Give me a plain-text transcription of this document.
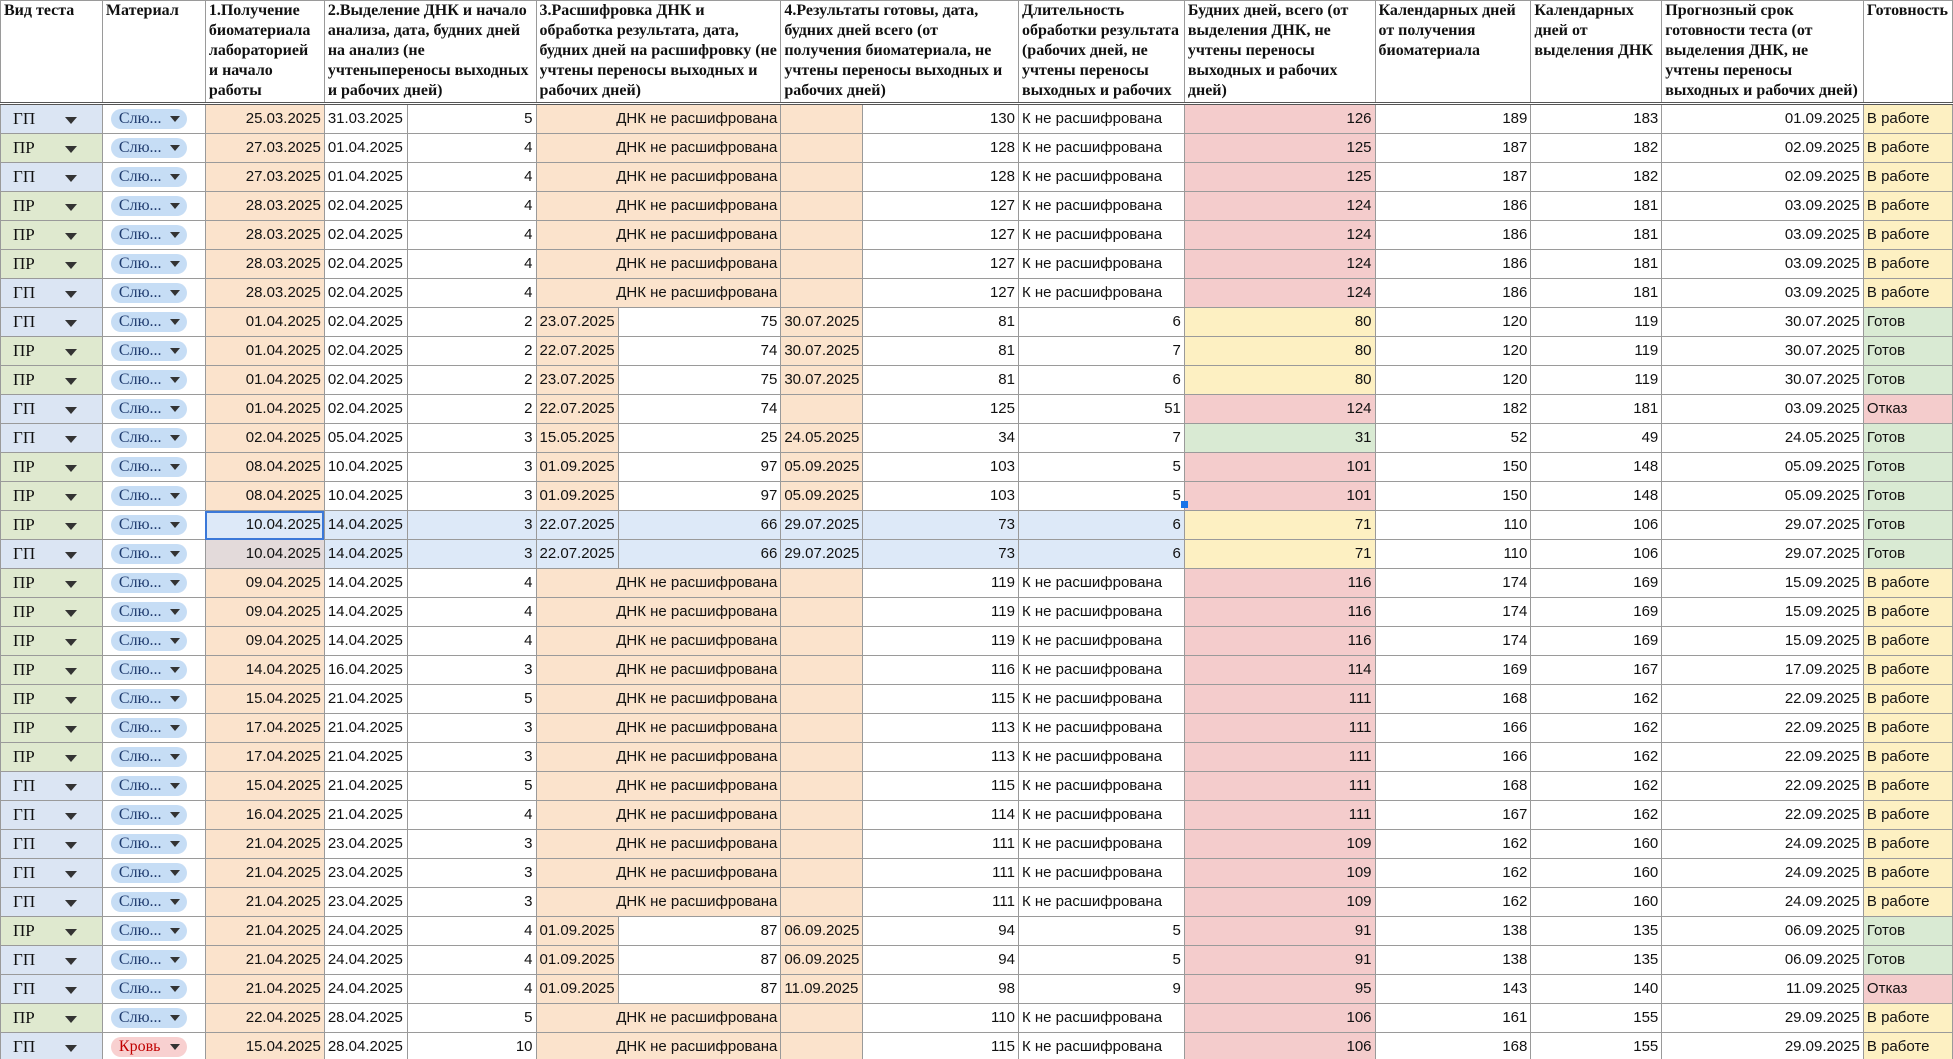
Вид теста	Материал	1.Получение биоматериала лабораторией и начало работы	2.Выделение ДНК и начало анализа, дата, будних дней на анализ (не учтеныпереносы выходных и рабочих дней)		3.Расшифровка ДНК и обработка результата, дата, будних дней на расшифровку (не учтены переносы выходных и рабочих дней)		4.Результаты готовы, дата, будних дней всего (от получения биоматериала, не учтены переносы выходных и рабочих дней)		Длительность обработки результата (рабочих дней, не учтены переносы выходных и рабочих	Будних дней, всего (от выделения ДНК, не учтены переносы выходных и рабочих дней)	Календарных дней от получения биоматериала	Календарных дней от выделения ДНК	Прогнозный срок готовности теста (от выделения ДНК, не учтены переносы выходных и рабочих дней)	Готовность

ГП	Слю...	25.03.2025	31.03.2025	5	ДНК не расшифрована			130	К не расшифрована	126	189	183	01.09.2025	В работе
ПР	Слю...	27.03.2025	01.04.2025	4	ДНК не расшифрована			128	К не расшифрована	125	187	182	02.09.2025	В работе
ГП	Слю...	27.03.2025	01.04.2025	4	ДНК не расшифрована			128	К не расшифрована	125	187	182	02.09.2025	В работе
ПР	Слю...	28.03.2025	02.04.2025	4	ДНК не расшифрована			127	К не расшифрована	124	186	181	03.09.2025	В работе
ПР	Слю...	28.03.2025	02.04.2025	4	ДНК не расшифрована			127	К не расшифрована	124	186	181	03.09.2025	В работе
ПР	Слю...	28.03.2025	02.04.2025	4	ДНК не расшифрована			127	К не расшифрована	124	186	181	03.09.2025	В работе
ГП	Слю...	28.03.2025	02.04.2025	4	ДНК не расшифрована			127	К не расшифрована	124	186	181	03.09.2025	В работе
ГП	Слю...	01.04.2025	02.04.2025	2	23.07.2025	75	30.07.2025	81	6	80	120	119	30.07.2025	Готов
ПР	Слю...	01.04.2025	02.04.2025	2	22.07.2025	74	30.07.2025	81	7	80	120	119	30.07.2025	Готов
ПР	Слю...	01.04.2025	02.04.2025	2	23.07.2025	75	30.07.2025	81	6	80	120	119	30.07.2025	Готов
ГП	Слю...	01.04.2025	02.04.2025	2	22.07.2025	74		125	51	124	182	181	03.09.2025	Отказ
ГП	Слю...	02.04.2025	05.04.2025	3	15.05.2025	25	24.05.2025	34	7	31	52	49	24.05.2025	Готов
ПР	Слю...	08.04.2025	10.04.2025	3	01.09.2025	97	05.09.2025	103	5	101	150	148	05.09.2025	Готов
ПР	Слю...	08.04.2025	10.04.2025	3	01.09.2025	97	05.09.2025	103	5	101	150	148	05.09.2025	Готов
ПР	Слю...	10.04.2025	14.04.2025	3	22.07.2025	66	29.07.2025	73	6	71	110	106	29.07.2025	Готов
ГП	Слю...	10.04.2025	14.04.2025	3	22.07.2025	66	29.07.2025	73	6	71	110	106	29.07.2025	Готов
ПР	Слю...	09.04.2025	14.04.2025	4	ДНК не расшифрована			119	К не расшифрована	116	174	169	15.09.2025	В работе
ПР	Слю...	09.04.2025	14.04.2025	4	ДНК не расшифрована			119	К не расшифрована	116	174	169	15.09.2025	В работе
ПР	Слю...	09.04.2025	14.04.2025	4	ДНК не расшифрована			119	К не расшифрована	116	174	169	15.09.2025	В работе
ПР	Слю...	14.04.2025	16.04.2025	3	ДНК не расшифрована			116	К не расшифрована	114	169	167	17.09.2025	В работе
ПР	Слю...	15.04.2025	21.04.2025	5	ДНК не расшифрована			115	К не расшифрована	111	168	162	22.09.2025	В работе
ПР	Слю...	17.04.2025	21.04.2025	3	ДНК не расшифрована			113	К не расшифрована	111	166	162	22.09.2025	В работе
ПР	Слю...	17.04.2025	21.04.2025	3	ДНК не расшифрована			113	К не расшифрована	111	166	162	22.09.2025	В работе
ГП	Слю...	15.04.2025	21.04.2025	5	ДНК не расшифрована			115	К не расшифрована	111	168	162	22.09.2025	В работе
ГП	Слю...	16.04.2025	21.04.2025	4	ДНК не расшифрована			114	К не расшифрована	111	167	162	22.09.2025	В работе
ГП	Слю...	21.04.2025	23.04.2025	3	ДНК не расшифрована			111	К не расшифрована	109	162	160	24.09.2025	В работе
ГП	Слю...	21.04.2025	23.04.2025	3	ДНК не расшифрована			111	К не расшифрована	109	162	160	24.09.2025	В работе
ГП	Слю...	21.04.2025	23.04.2025	3	ДНК не расшифрована			111	К не расшифрована	109	162	160	24.09.2025	В работе
ПР	Слю...	21.04.2025	24.04.2025	4	01.09.2025	87	06.09.2025	94	5	91	138	135	06.09.2025	Готов
ГП	Слю...	21.04.2025	24.04.2025	4	01.09.2025	87	06.09.2025	94	5	91	138	135	06.09.2025	Готов
ГП	Слю...	21.04.2025	24.04.2025	4	01.09.2025	87	11.09.2025	98	9	95	143	140	11.09.2025	Отказ
ПР	Слю...	22.04.2025	28.04.2025	5	ДНК не расшифрована			110	К не расшифрована	106	161	155	29.09.2025	В работе
ГП	Кровь	15.04.2025	28.04.2025	10	ДНК не расшифрована			115	К не расшифрована	106	168	155	29.09.2025	В работе
